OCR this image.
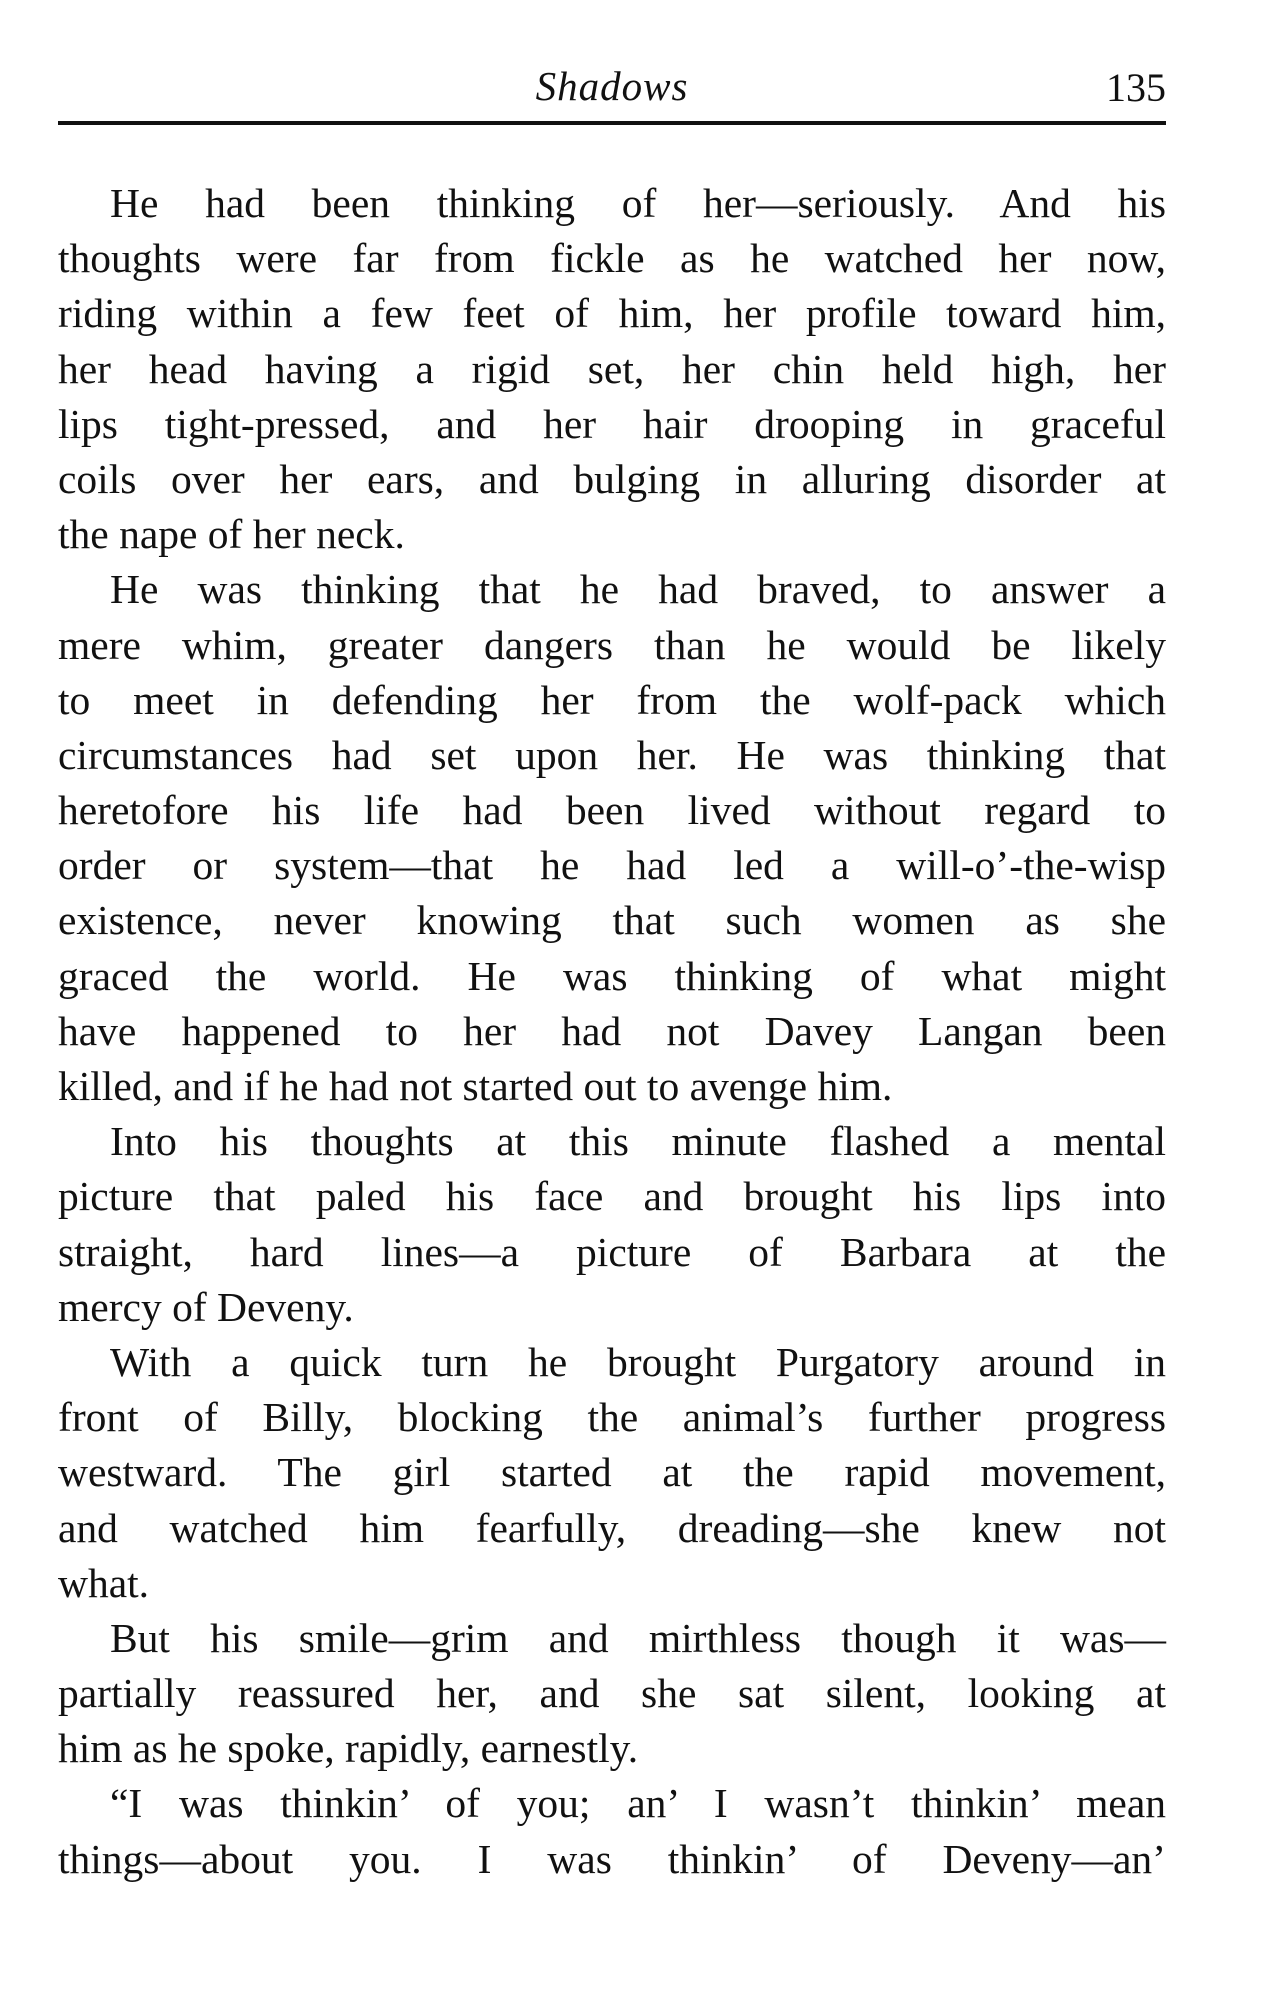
Shadows	135
He had been thinking of her—seriously. And his
thoughts were far from fickle as he watched her now,
riding within a few feet of him, her profile toward him,
her head having a rigid set, her chin held high, her
lips tight-pressed, and her hair drooping in graceful
coils over her ears, and bulging in alluring disorder at
the nape of her neck.
He was thinking that he had braved, to answer a
mere whim, greater dangers than he would be likely
to meet in defending her from the wolf-pack which
circumstances had set upon her. He was thinking that
heretofore his life had been lived without regard to
order or system—that he had led a will-o’-the-wisp
existence, never knowing that such women as she
graced the world. He was thinking of what might
have happened to her had not Davey Langan been
killed, and if he had not started out to avenge him.
Into his thoughts at this minute flashed a mental
picture that paled his face and brought his lips into
straight, hard lines—a picture of Barbara at the
mercy of Deveny.
With a quick turn he brought Purgatory around in
front of Billy, blocking the animal’s further progress
westward. The girl started at the rapid movement,
and watched him fearfully, dreading—she knew not
what.
But his smile—grim and mirthless though it was—
partially reassured her, and she sat silent, looking at
him as he spoke, rapidly, earnestly.
“I was thinkin’ of you; an’ I wasn’t thinkin’ mean
things—about you. I was thinkin’ of Deveny—an’
